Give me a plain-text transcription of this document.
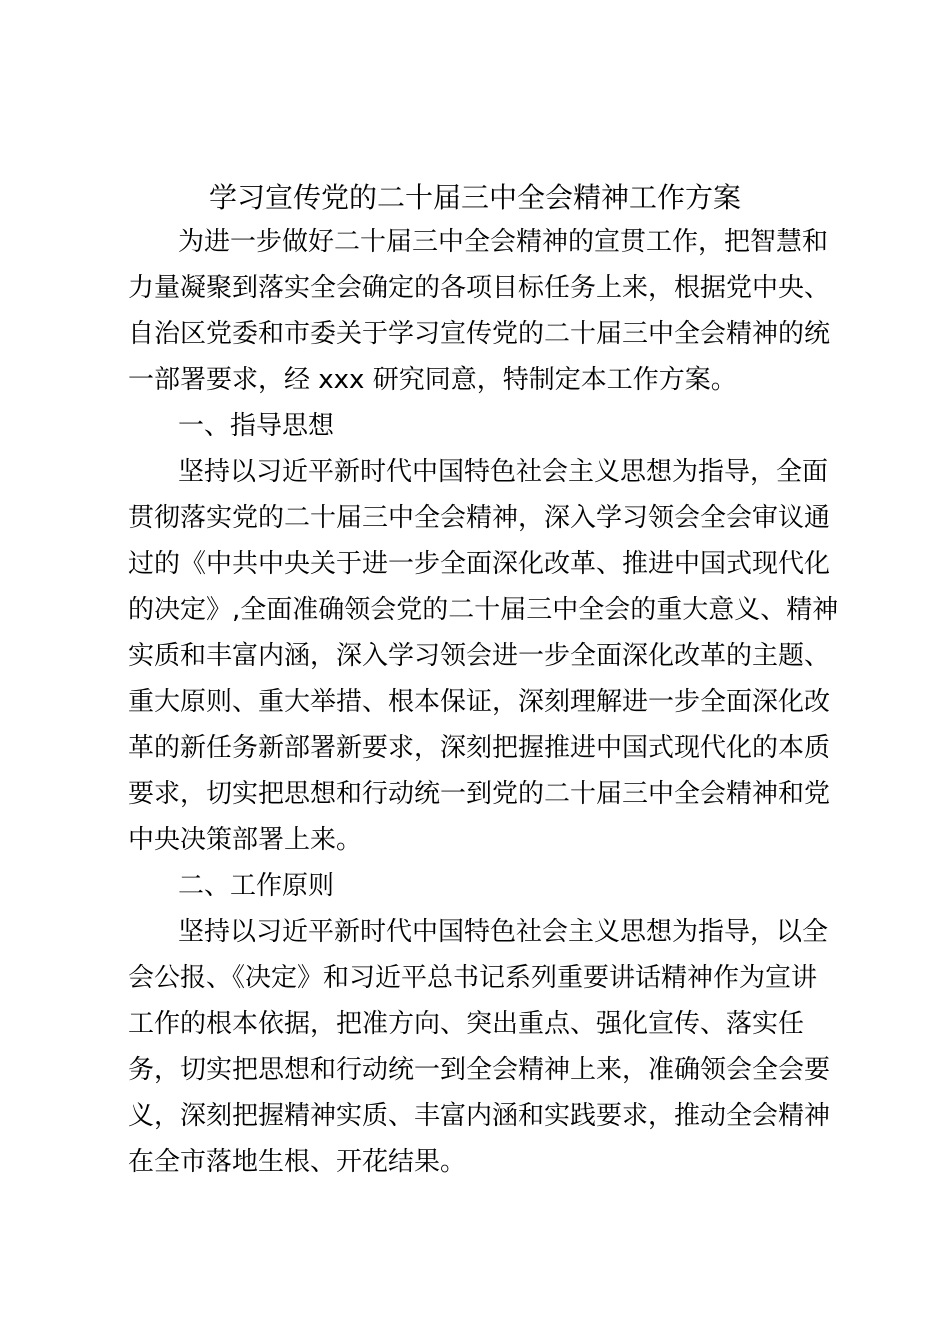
学习宣传党的二十届三中全会精神工作方案
为进一步做好二十届三中全会精神的宣贯工作，把智慧和
力量凝聚到落实全会确定的各项目标任务上来，根据党中央、
自治区党委和市委关于学习宣传党的二十届三中全会精神的统
一部署要求，经 xxx 研究同意，特制定本工作方案。
一、指导思想
坚持以习近平新时代中国特色社会主义思想为指导，全面
贯彻落实党的二十届三中全会精神，深入学习领会全会审议通
过的《中共中央关于进一步全面深化改革、推进中国式现代化
的决定》,全面准确领会党的二十届三中全会的重大意义、精神
实质和丰富内涵，深入学习领会进一步全面深化改革的主题、
重大原则、重大举措、根本保证，深刻理解进一步全面深化改
革的新任务新部署新要求，深刻把握推进中国式现代化的本质
要求，切实把思想和行动统一到党的二十届三中全会精神和党
中央决策部署上来。
二、工作原则
坚持以习近平新时代中国特色社会主义思想为指导，以全
会公报、《决定》和习近平总书记系列重要讲话精神作为宣讲
工作的根本依据，把准方向、突出重点、强化宣传、落实任
务，切实把思想和行动统一到全会精神上来，准确领会全会要
义，深刻把握精神实质、丰富内涵和实践要求，推动全会精神
在全市落地生根、开花结果。
